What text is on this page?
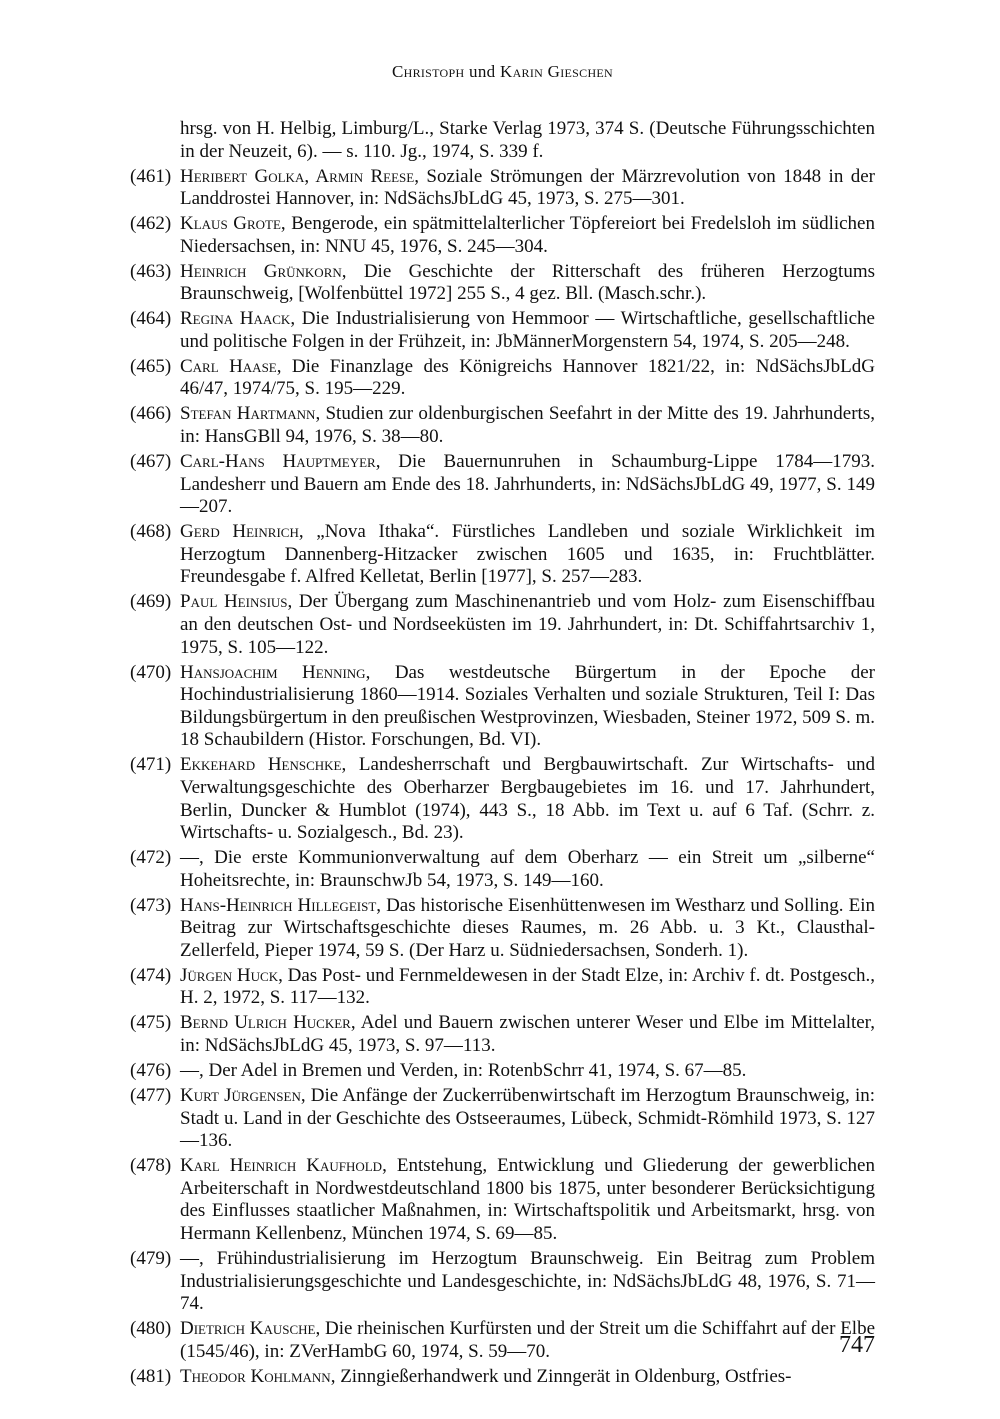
Christoph und Karin Gieschen
hrsg. von H. Helbig, Limburg/L., Starke Verlag 1973, 374 S. (Deutsche Führungsschichten in der Neuzeit, 6). — s. 110. Jg., 1974, S. 339 f.
(461) Heribert Golka, Armin Reese, Soziale Strömungen der Märzrevolution von 1848 in der Landdrostei Hannover, in: NdSächsJbLdG 45, 1973, S. 275—301.
(462) Klaus Grote, Bengerode, ein spätmittelalterlicher Töpfereiort bei Fredelsloh im südlichen Niedersachsen, in: NNU 45, 1976, S. 245—304.
(463) Heinrich Grünkorn, Die Geschichte der Ritterschaft des früheren Herzogtums Braunschweig, [Wolfenbüttel 1972] 255 S., 4 gez. Bll. (Masch.schr.).
(464) Regina Haack, Die Industrialisierung von Hemmoor — Wirtschaftliche, gesellschaftliche und politische Folgen in der Frühzeit, in: JbMännerMorgenstern 54, 1974, S. 205—248.
(465) Carl Haase, Die Finanzlage des Königreichs Hannover 1821/22, in: NdSächsJbLdG 46/47, 1974/75, S. 195—229.
(466) Stefan Hartmann, Studien zur oldenburgischen Seefahrt in der Mitte des 19. Jahrhunderts, in: HansGBll 94, 1976, S. 38—80.
(467) Carl-Hans Hauptmeyer, Die Bauernunruhen in Schaumburg-Lippe 1784—1793. Landesherr und Bauern am Ende des 18. Jahrhunderts, in: NdSächsJbLdG 49, 1977, S. 149—207.
(468) Gerd Heinrich, „Nova Ithaka“. Fürstliches Landleben und soziale Wirklichkeit im Herzogtum Dannenberg-Hitzacker zwischen 1605 und 1635, in: Fruchtblätter. Freundesgabe f. Alfred Kelletat, Berlin [1977], S. 257—283.
(469) Paul Heinsius, Der Übergang zum Maschinenantrieb und vom Holz- zum Eisenschiffbau an den deutschen Ost- und Nordseeküsten im 19. Jahrhundert, in: Dt. Schiffahrtsarchiv 1, 1975, S. 105—122.
(470) Hansjoachim Henning, Das westdeutsche Bürgertum in der Epoche der Hochindustrialisierung 1860—1914. Soziales Verhalten und soziale Strukturen, Teil I: Das Bildungsbürgertum in den preußischen Westprovinzen, Wiesbaden, Steiner 1972, 509 S. m. 18 Schaubildern (Histor. Forschungen, Bd. VI).
(471) Ekkehard Henschke, Landesherrschaft und Bergbauwirtschaft. Zur Wirtschafts- und Verwaltungsgeschichte des Oberharzer Bergbaugebietes im 16. und 17. Jahrhundert, Berlin, Duncker & Humblot (1974), 443 S., 18 Abb. im Text u. auf 6 Taf. (Schrr. z. Wirtschafts- u. Sozialgesch., Bd. 23).
(472) —, Die erste Kommunionverwaltung auf dem Oberharz — ein Streit um „silberne“ Hoheitsrechte, in: BraunschwJb 54, 1973, S. 149—160.
(473) Hans-Heinrich Hillegeist, Das historische Eisenhüttenwesen im Westharz und Solling. Ein Beitrag zur Wirtschaftsgeschichte dieses Raumes, m. 26 Abb. u. 3 Kt., Clausthal-Zellerfeld, Pieper 1974, 59 S. (Der Harz u. Südniedersachsen, Sonderh. 1).
(474) Jürgen Huck, Das Post- und Fernmeldewesen in der Stadt Elze, in: Archiv f. dt. Postgesch., H. 2, 1972, S. 117—132.
(475) Bernd Ulrich Hucker, Adel und Bauern zwischen unterer Weser und Elbe im Mittelalter, in: NdSächsJbLdG 45, 1973, S. 97—113.
(476) —, Der Adel in Bremen und Verden, in: RotenbSchrr 41, 1974, S. 67—85.
(477) Kurt Jürgensen, Die Anfänge der Zuckerrübenwirtschaft im Herzogtum Braunschweig, in: Stadt u. Land in der Geschichte des Ostseeraumes, Lübeck, Schmidt-Römhild 1973, S. 127—136.
(478) Karl Heinrich Kaufhold, Entstehung, Entwicklung und Gliederung der gewerblichen Arbeiterschaft in Nordwestdeutschland 1800 bis 1875, unter besonderer Berücksichtigung des Einflusses staatlicher Maßnahmen, in: Wirtschaftspolitik und Arbeitsmarkt, hrsg. von Hermann Kellenbenz, München 1974, S. 69—85.
(479) —, Frühindustrialisierung im Herzogtum Braunschweig. Ein Beitrag zum Problem Industrialisierungsgeschichte und Landesgeschichte, in: NdSächsJbLdG 48, 1976, S. 71—74.
(480) Dietrich Kausche, Die rheinischen Kurfürsten und der Streit um die Schiffahrt auf der Elbe (1545/46), in: ZVerHambG 60, 1974, S. 59—70.
(481) Theodor Kohlmann, Zinngießerhandwerk und Zinngerät in Oldenburg, Ostfries-
747
